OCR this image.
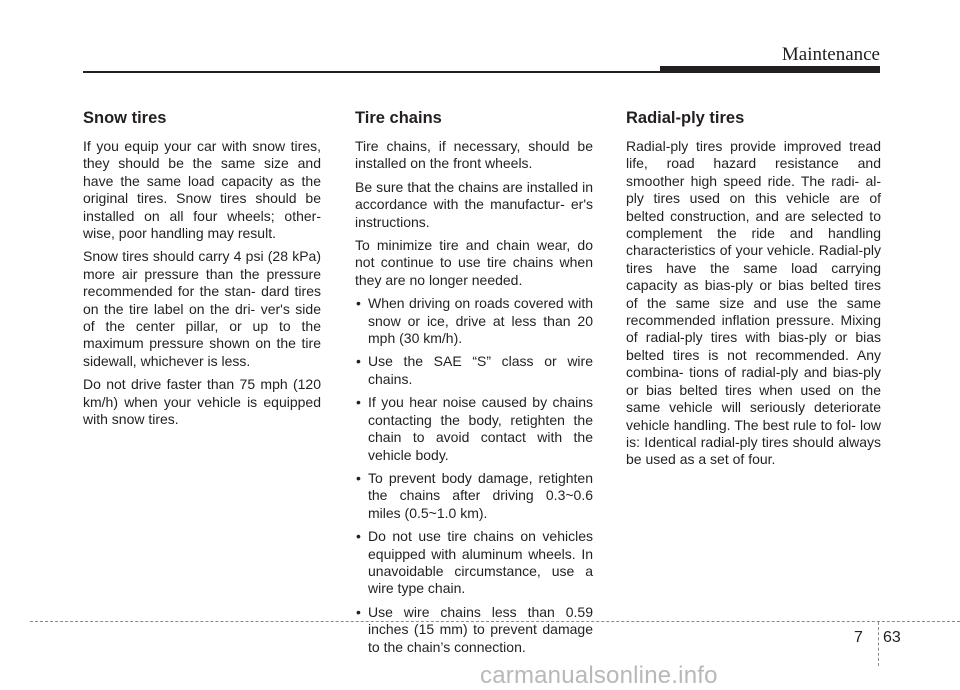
Maintenance
Snow tires

If you equip your car with snow tires, they should be the same size and have the same load capacity as the original tires. Snow tires should be installed on all four wheels; other- wise, poor handling may result.

Snow tires should carry 4 psi (28 kPa) more air pressure than the pressure recommended for the stan- dard tires on the tire label on the dri- ver's side of the center pillar, or up to the maximum pressure shown on the tire sidewall, whichever is less.

Do not drive faster than 75 mph (120 km/h) when your vehicle is equipped with snow tires.

Tire chains

Tire chains, if necessary, should be installed on the front wheels.

Be sure that the chains are installed in accordance with the manufactur- er's instructions.

To minimize tire and chain wear, do not continue to use tire chains when they are no longer needed.

• When driving on roads covered with snow or ice, drive at less than 20 mph (30 km/h).
• Use the SAE “S” class or wire chains.
• If you hear noise caused by chains contacting the body, retighten the chain to avoid contact with the vehicle body.
• To prevent body damage, retighten the chains after driving 0.3~0.6 miles (0.5~1.0 km).
• Do not use tire chains on vehicles equipped with aluminum wheels. In unavoidable circumstance, use a wire type chain.
• Use wire chains less than 0.59 inches (15 mm) to prevent damage to the chain’s connection.
Radial-ply tires

Radial-ply tires provide improved tread life, road hazard resistance and smoother high speed ride. The radi- al-ply tires used on this vehicle are of belted construction, and are selected to complement the ride and handling characteristics of your vehicle. Radial-ply tires have the same load carrying capacity as bias-ply or bias belted tires of the same size and use the same recommended inflation pressure. Mixing of radial-ply tires with bias-ply or bias belted tires is not recommended. Any combina- tions of radial-ply and bias-ply or bias belted tires when used on the same vehicle will seriously deteriorate vehicle handling. The best rule to fol- low is: Identical radial-ply tires should always be used as a set of four.

7 63
carmanualsonline.info
